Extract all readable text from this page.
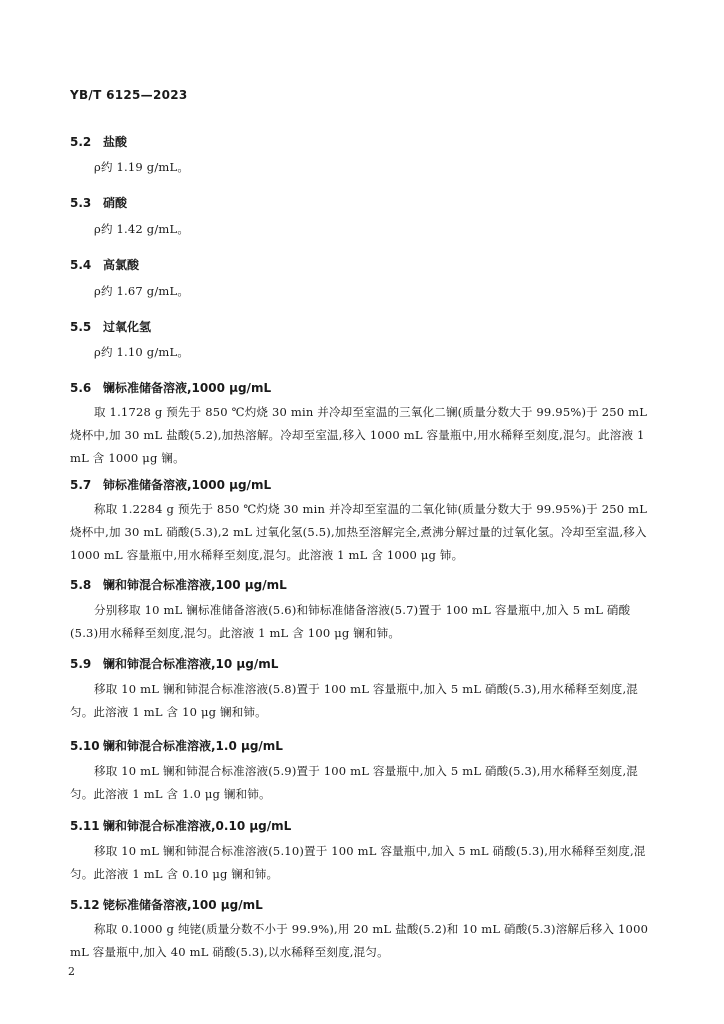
YB/T 6125—2023
5.2 盐酸
ρ约 1.19 g/mL。
5.3 硝酸
ρ约 1.42 g/mL。
5.4 高氯酸
ρ约 1.67 g/mL。
5.5 过氧化氢
ρ约 1.10 g/mL。
5.6 镧标准储备溶液,1000 μg/mL
取 1.1728 g 预先于 850 ℃灼烧 30 min 并冷却至室温的三氧化二镧(质量分数大于 99.95%)于 250 mL 烧杯中,加 30 mL 盐酸(5.2),加热溶解。冷却至室温,移入 1000 mL 容量瓶中,用水稀释至刻度,混匀。此溶液 1 mL 含 1000 μg 镧。
5.7 铈标准储备溶液,1000 μg/mL
称取 1.2284 g 预先于 850 ℃灼烧 30 min 并冷却至室温的二氧化铈(质量分数大于 99.95%)于 250 mL 烧杯中,加 30 mL 硝酸(5.3),2 mL 过氧化氢(5.5),加热至溶解完全,煮沸分解过量的过氧化氢。冷却至室温,移入 1000 mL 容量瓶中,用水稀释至刻度,混匀。此溶液 1 mL 含 1000 μg 铈。
5.8 镧和铈混合标准溶液,100 μg/mL
分别移取 10 mL 镧标准储备溶液(5.6)和铈标准储备溶液(5.7)置于 100 mL 容量瓶中,加入 5 mL 硝酸(5.3)用水稀释至刻度,混匀。此溶液 1 mL 含 100 μg 镧和铈。
5.9 镧和铈混合标准溶液,10 μg/mL
移取 10 mL 镧和铈混合标准溶液(5.8)置于 100 mL 容量瓶中,加入 5 mL 硝酸(5.3),用水稀释至刻度,混匀。此溶液 1 mL 含 10 μg 镧和铈。
5.10 镧和铈混合标准溶液,1.0 μg/mL
移取 10 mL 镧和铈混合标准溶液(5.9)置于 100 mL 容量瓶中,加入 5 mL 硝酸(5.3),用水稀释至刻度,混匀。此溶液 1 mL 含 1.0 μg 镧和铈。
5.11 镧和铈混合标准溶液,0.10 μg/mL
移取 10 mL 镧和铈混合标准溶液(5.10)置于 100 mL 容量瓶中,加入 5 mL 硝酸(5.3),用水稀释至刻度,混匀。此溶液 1 mL 含 0.10 μg 镧和铈。
5.12 铑标准储备溶液,100 μg/mL
称取 0.1000 g 纯铑(质量分数不小于 99.9%),用 20 mL 盐酸(5.2)和 10 mL 硝酸(5.3)溶解后移入 1000 mL 容量瓶中,加入 40 mL 硝酸(5.3),以水稀释至刻度,混匀。
2
